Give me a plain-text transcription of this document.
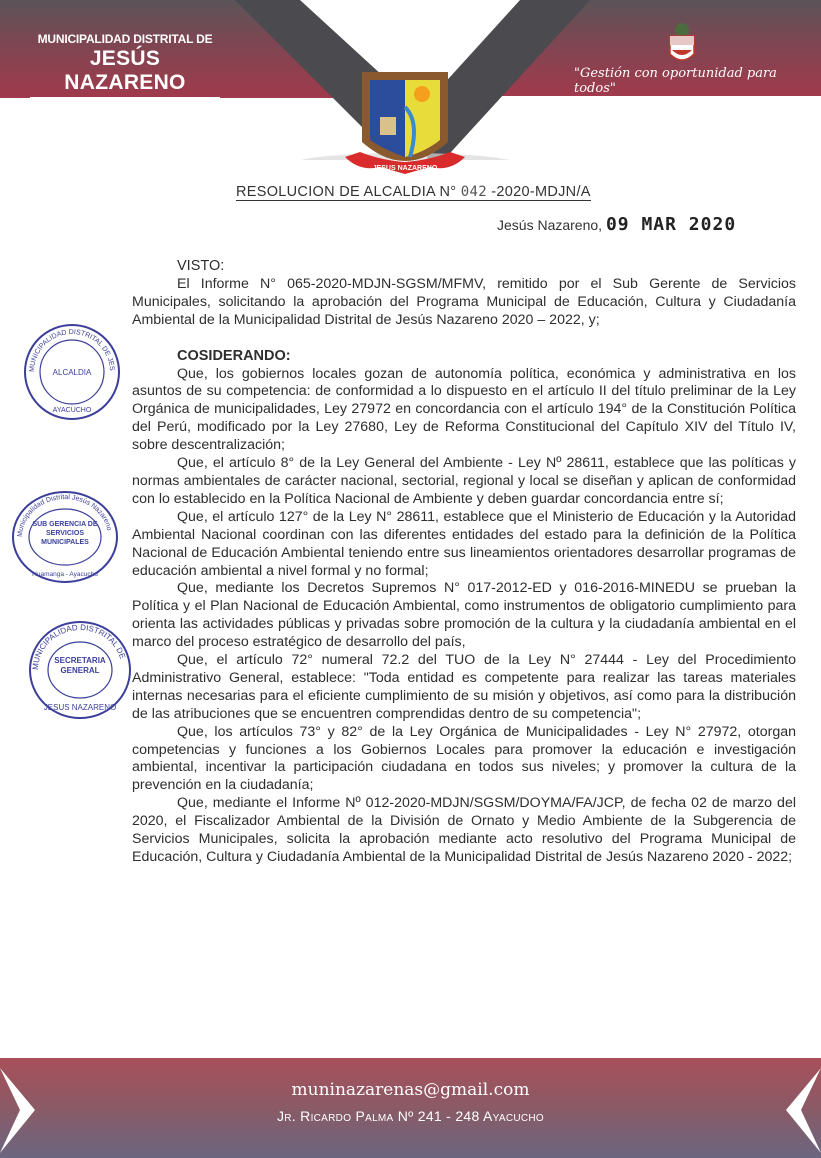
MUNICIPALIDAD DISTRITAL DE
JESÚS NAZARENO
CREADO POR LEY Nº 27281
"Gestión con oportunidad para todos"
JESUS NAZARENO
RESOLUCION DE ALCALDIA N° 042 -2020-MDJN/A
Jesús Nazareno, 09 MAR 2020
VISTO:

El Informe N° 065-2020-MDJN-SGSM/MFMV, remitido por el Sub Gerente de Servicios Municipales, solicitando la aprobación del Programa Municipal de Educación, Cultura y Ciudadanía Ambiental de la Municipalidad Distrital de Jesús Nazareno 2020 – 2022, y;

COSIDERANDO:

Que, los gobiernos locales gozan de autonomía política, económica y administrativa en los asuntos de su competencia: de conformidad a lo dispuesto en el artículo II del título preliminar de la Ley Orgánica de municipalidades, Ley 27972 en concordancia con el artículo 194° de la Constitución Política del Perú, modificado por la Ley 27680, Ley de Reforma Constitucional del Capítulo XIV del Título IV, sobre descentralización;

Que, el artículo 8° de la Ley General del Ambiente - Ley Nº 28611, establece que las políticas y normas ambientales de carácter nacional, sectorial, regional y local se diseñan y aplican de conformidad con lo establecido en la Política Nacional de Ambiente y deben guardar concordancia entre sí;

Que, el artículo 127° de la Ley N° 28611, establece que el Ministerio de Educación y la Autoridad Ambiental Nacional coordinan con las diferentes entidades del estado para la definición de la Política Nacional de Educación Ambiental teniendo entre sus lineamientos orientadores desarrollar programas de educación ambiental a nivel formal y no formal;

Que, mediante los Decretos Supremos N° 017-2012-ED y 016-2016-MINEDU se prueban la Política y el Plan Nacional de Educación Ambiental, como instrumentos de obligatorio cumplimiento para orienta las actividades públicas y privadas sobre promoción de la cultura y la ciudadanía ambiental en el marco del proceso estratégico de desarrollo del país,

Que, el artículo 72° numeral 72.2 del TUO de la Ley N° 27444 - Ley del Procedimiento Administrativo General, establece: "Toda entidad es competente para realizar las tareas materiales internas necesarias para el eficiente cumplimiento de su misión y objetivos, así como para la distribución de las atribuciones que se encuentren comprendidas dentro de su competencia";

Que, los artículos 73° y 82° de la Ley Orgánica de Municipalidades - Ley N° 27972, otorgan competencias y funciones a los Gobiernos Locales para promover la educación e investigación ambiental, incentivar la participación ciudadana en todos sus niveles; y promover la cultura de la prevención en la ciudadanía;

Que, mediante el Informe Nº 012-2020-MDJN/SGSM/DOYMA/FA/JCP, de fecha 02 de marzo del 2020, el Fiscalizador Ambiental de la División de Ornato y Medio Ambiente de la Subgerencia de Servicios Municipales, solicita la aprobación mediante acto resolutivo del Programa Municipal de Educación, Cultura y Ciudadanía Ambiental de la Municipalidad Distrital de Jesús Nazareno 2020 - 2022;

MUNICIPALIDAD DISTRITAL DE JESUS NAZARENO
ALCALDIA
AYACUCHO
Municipalidad Distrital Jesús Nazareno
SUB GERENCIA DE SERVICIOS MUNICIPALES
Huamanga - Ayacucho
MUNICIPALIDAD DISTRITAL DE
SECRETARIA GENERAL
JESUS NAZARENO
muninazarenas@gmail.com
Jr. Ricardo Palma Nº 241 - 248 Ayacucho
